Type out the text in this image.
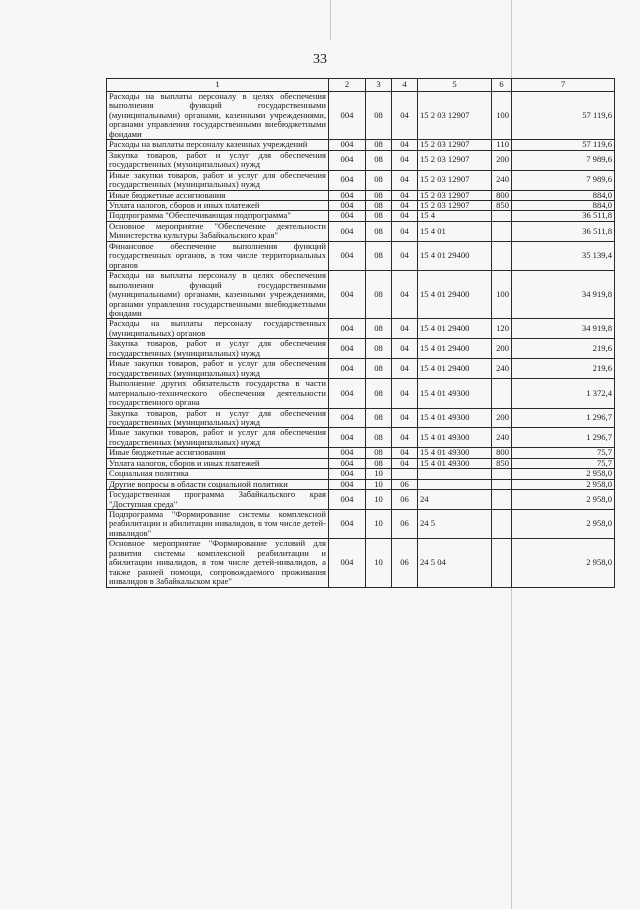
33
1	2	3	4	5	6	7
Расходы на выплаты персоналу в целях обеспечения выполнения функций государственными (муниципальными) органами, казенными учреждениями, органами управления государственными внебюджетными фондами	004	08	04	15 2 03 12907	100	57 119,6
Расходы на выплаты персоналу казенных учреждений	004	08	04	15 2 03 12907	110	57 119,6
Закупка товаров, работ и услуг для обеспечения государственных (муниципальных) нужд	004	08	04	15 2 03 12907	200	7 989,6
Иные закупки товаров, работ и услуг для обеспечения государственных (муниципальных) нужд	004	08	04	15 2 03 12907	240	7 989,6
Иные бюджетные ассигнования	004	08	04	15 2 03 12907	800	884,0
Уплата налогов, сборов и иных платежей	004	08	04	15 2 03 12907	850	884,0
Подпрограмма "Обеспечивающая подпрограмма"	004	08	04	15 4		36 511,8
Основное мероприятие "Обеспечение деятельности Министерства культуры Забайкальского края"	004	08	04	15 4 01		36 511,8
Финансовое обеспечение выполнения функций государственных органов, в том числе территориальных органов	004	08	04	15 4 01 29400		35 139,4
Расходы на выплаты персоналу в целях обеспечения выполнения функций государственными (муниципальными) органами, казенными учреждениями, органами управления государственными внебюджетными фондами	004	08	04	15 4 01 29400	100	34 919,8
Расходы на выплаты персоналу государственных (муниципальных) органов	004	08	04	15 4 01 29400	120	34 919,8
Закупка товаров, работ и услуг для обеспечения государственных (муниципальных) нужд	004	08	04	15 4 01 29400	200	219,6
Иные закупки товаров, работ и услуг для обеспечения государственных (муниципальных) нужд	004	08	04	15 4 01 29400	240	219,6
Выполнение других обязательств государства в части материально-технического обеспечения деятельности государственного органа	004	08	04	15 4 01 49300		1 372,4
Закупка товаров, работ и услуг для обеспечения государственных (муниципальных) нужд	004	08	04	15 4 01 49300	200	1 296,7
Иные закупки товаров, работ и услуг для обеспечения государственных (муниципальных) нужд	004	08	04	15 4 01 49300	240	1 296,7
Иные бюджетные ассигнования	004	08	04	15 4 01 49300	800	75,7
Уплата налогов, сборов и иных платежей	004	08	04	15 4 01 49300	850	75,7
Социальная политика	004	10				2 958,0
Другие вопросы в области социальной политики	004	10	06			2 958,0
Государственная программа Забайкальского края "Доступная среда"	004	10	06	24		2 958,0
Подпрограмма "Формирование системы комплексной реабилитации и абилитации инвалидов, в том числе детей-инвалидов"	004	10	06	24 5		2 958,0
Основное мероприятие "Формирование условий для развития системы комплексной реабилитации и абилитации инвалидов, в том числе детей-инвалидов, а также ранней помощи, сопровождаемого проживания инвалидов в Забайкальском крае"	004	10	06	24 5 04		2 958,0
